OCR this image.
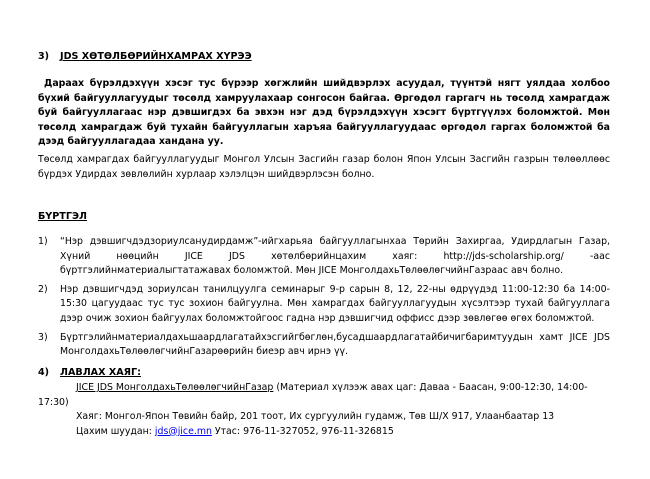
3) JDS ХӨТӨЛБӨРИЙНХАМРАХ ХҮРЭЭ
Дараах бүрэлдэхүүн хэсэг тус бүрээр хөгжлийн шийдвэрлэх асуудал, түүнтэй нягт уялдаа холбоо бүхий байгууллагуудыг төсөлд хамруулахаар сонгосон байгаа. Өргөдөл гаргагч нь төсөлд хамрагдаж буй байгууллагаас нэр дэвшигдэх ба эвхэн нэг дэд бүрэлдэхүүн хэсэгт бүртгүүлэх боломжтой. Мөн төсөлд хамрагдаж буй тухайн байгууллагын харъяа байгууллагуудаас өргөдөл гаргах боломжтой ба дээд байгууллагадаа хандана уу.
Төсөлд хамрагдах байгууллагуудыг Монгол Улсын Засгийн газар болон Япон Улсын Засгийн газрын төлөөллөөс бүрдэх Удирдах зөвлөлийн хурлаар хэлэлцэн шийдвэрлэсэн болно.
БҮРТГЭЛ
1) “Нэр дэвшигчдэдзориулсанудирдамж”-ийгхарьяа байгууллагынхаа Төрийн Захиргаа, Удирдлагын Газар, Хүний нөөцийн JICE JDS хөтөлбөрийнцахим хаяг: http://jds-scholarship.org/ -аас бүртгэлийнматериалыгтатажавах боломжтой. Мөн JICE МонголдахьТөлөөлөгчийнГазраас авч болно.
2) Нэр дэвшигчдэд зориулсан танилцуулга семинарыг 9-р сарын 8, 12, 22-ны өдрүүдэд 11:00-12:30 ба 14:00-15:30 цагуудаас тус тус зохион байгуулна. Мөн хамрагдах байгууллагуудын хүсэлтээр тухай байгууллага дээр очиж зохион байгуулах боломжтойгоос гадна нэр дэвшигчид оффисс дээр зөвлөгөө өгөх боломжтой.
3) Бүртгэлийнматериалдахьшаардлагатайхэсгийгбөглөн,бусадшаардлагатайбичигбаримтуудын хамт JICE JDS МонголдахьТөлөөлөгчийнГазарөөрийн биеэр авч ирнэ үү.
4) ЛАВЛАХ ХАЯГ:
JICE JDS МонголдахьТөлөөлөгчийнГазар (Материал хүлээж авах цаг: Даваа - Баасан, 9:00-12:30, 14:00-17:30)
Хаяг: Монгол-Япон Төвийн байр, 201 тоот, Их сургуулийн гудамж, Төв Ш/Х 917, Улаанбаатар 13
Цахим шуудан: jds@jice.mn Утас: 976-11-327052, 976-11-326815
